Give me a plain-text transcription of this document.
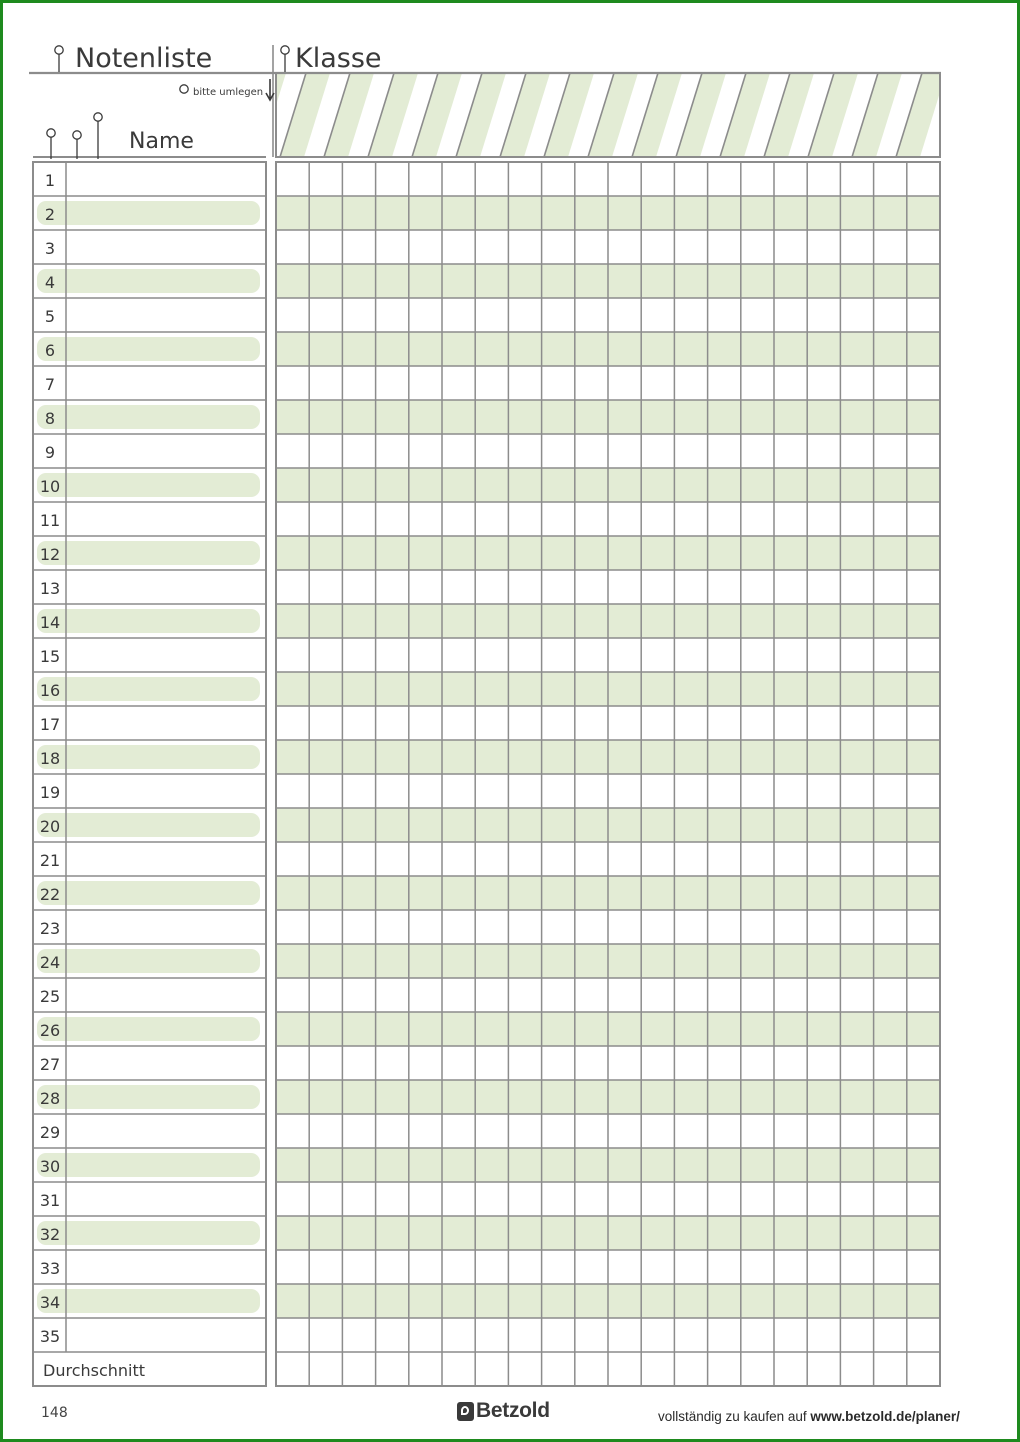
Notenliste	Klasse
bitte umlegen
Name
1
2
3
4
5
6
7
8
9
10
11
12
13
14
15
16
17
18
19
20
21
22
23
24
25
26
27
28
29
30
31
32
33
34
35
Durchschnitt
148	Betzold	vollständig zu kaufen auf www.betzold.de/planer/
